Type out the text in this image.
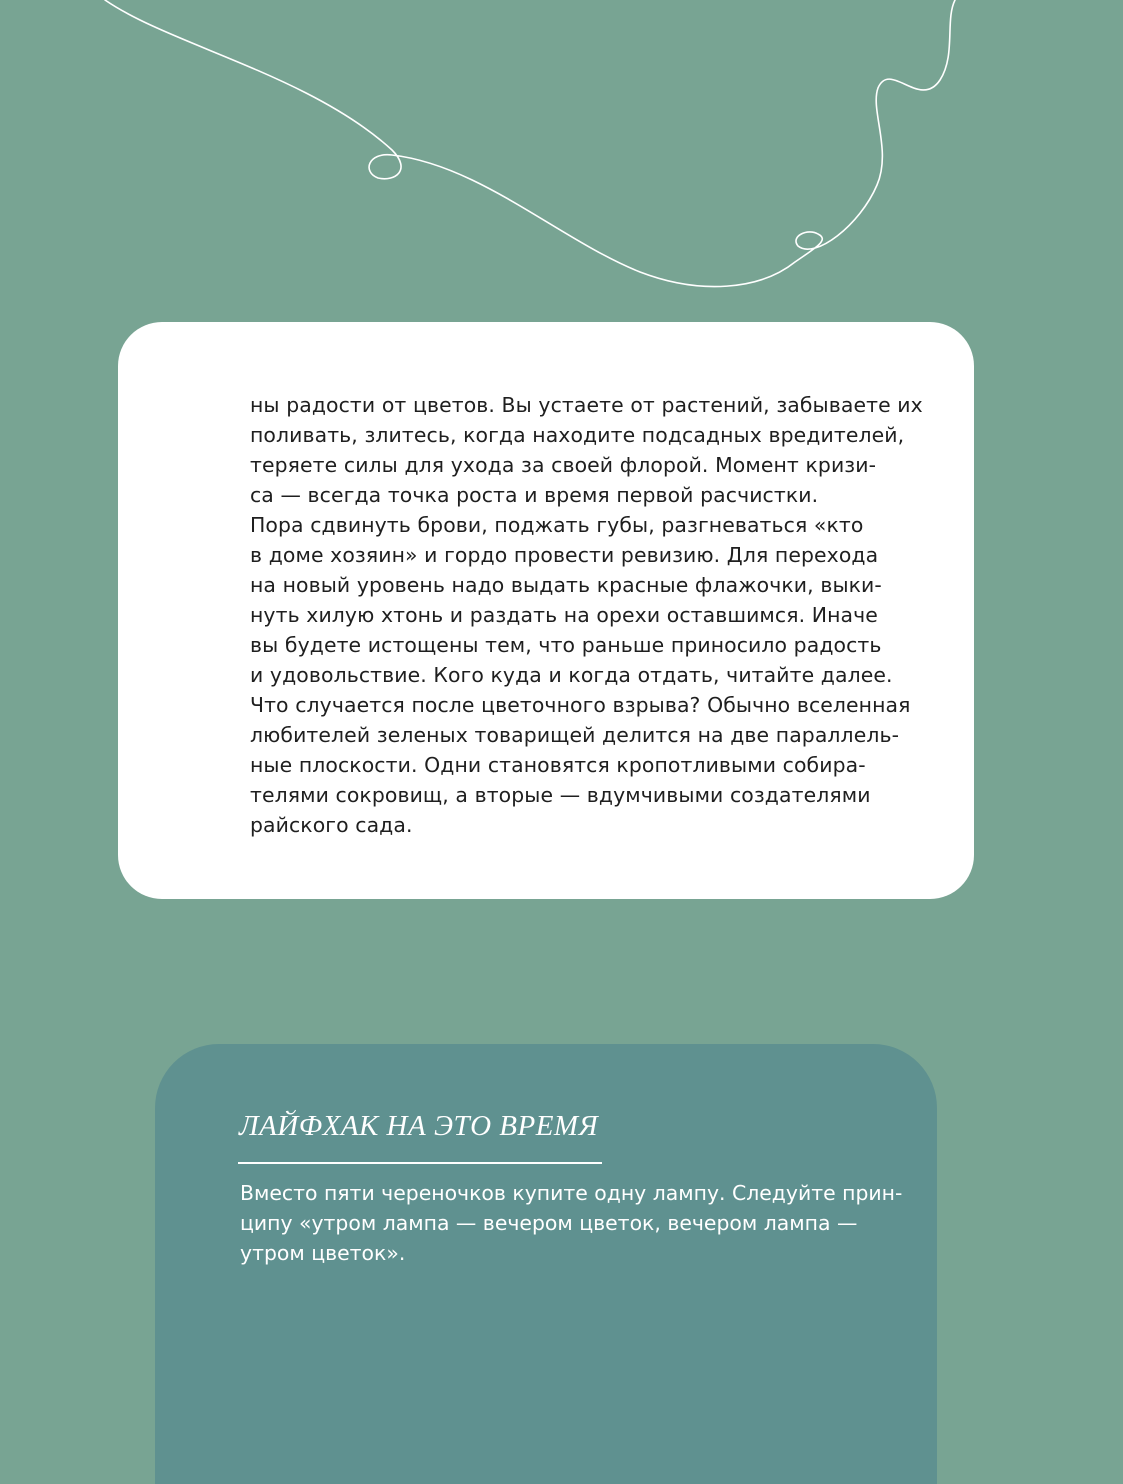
ны радости от цветов. Вы устаете от растений, забываете их
поливать, злитесь, когда находите подсадных вредителей,
теряете силы для ухода за своей флорой. Момент кризи-
са — всегда точка роста и время первой расчистки.
Пора сдвинуть брови, поджать губы, разгневаться «кто
в доме хозяин» и гордо провести ревизию. Для перехода
на новый уровень надо выдать красные флажочки, выки-
нуть хилую хтонь и раздать на орехи оставшимся. Иначе
вы будете истощены тем, что раньше приносило радость
и удовольствие. Кого куда и когда отдать, читайте далее.
Что случается после цветочного взрыва? Обычно вселенная
любителей зеленых товарищей делится на две параллель-
ные плоскости. Одни становятся кропотливыми собира-
телями сокровищ, а вторые — вдумчивыми создателями
райского сада.

ЛАЙФХАК НА ЭТО ВРЕМЯ

Вместо пяти череночков купите одну лампу. Следуйте прин-
ципу «утром лампа — вечером цветок, вечером лампа —
утром цветок».
